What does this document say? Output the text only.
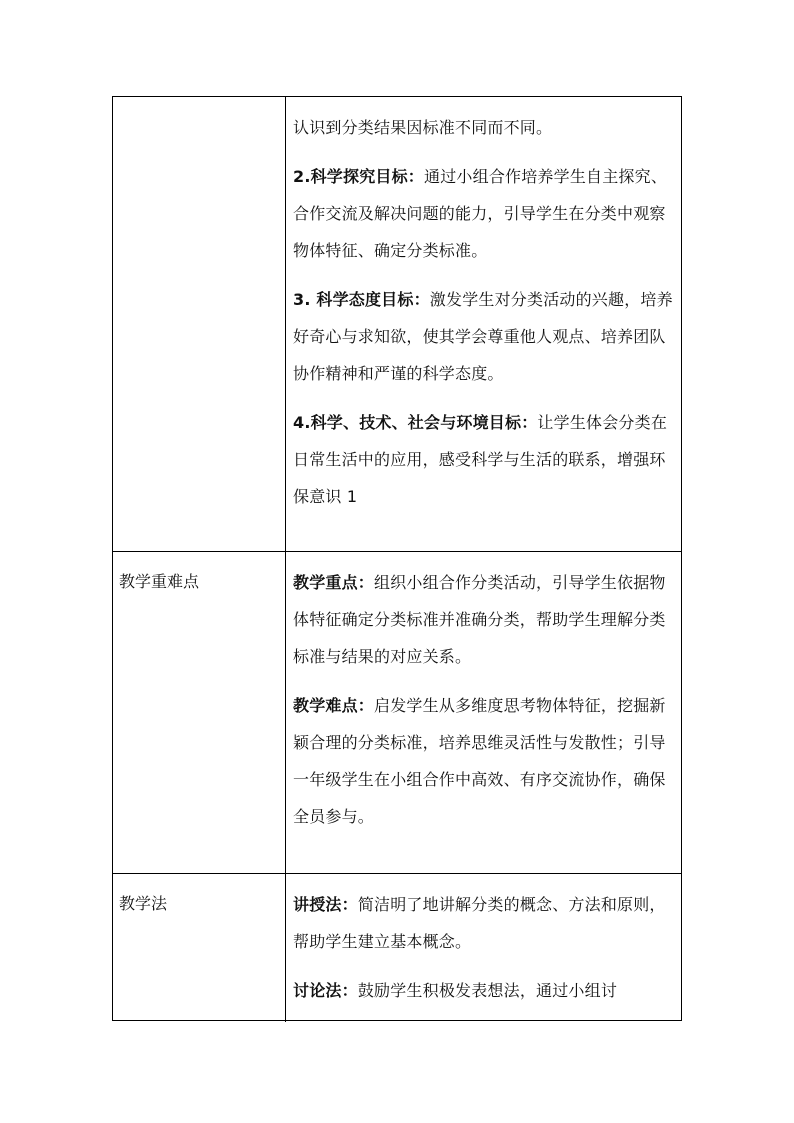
认识到分类结果因标准不同而不同。

2.科学探究目标：通过小组合作培养学生自主探究、合作交流及解决问题的能力，引导学生在分类中观察物体特征、确定分类标准。

3. 科学态度目标：激发学生对分类活动的兴趣，培养好奇心与求知欲，使其学会尊重他人观点、培养团队协作精神和严谨的科学态度。

4.科学、技术、社会与环境目标：让学生体会分类在日常生活中的应用，感受科学与生活的联系，增强环保意识 1

教学重难点	教学重点：组织小组合作分类活动，引导学生依据物体特征确定分类标准并准确分类，帮助学生理解分类标准与结果的对应关系。

教学难点：启发学生从多维度思考物体特征，挖掘新颖合理的分类标准，培养思维灵活性与发散性；引导一年级学生在小组合作中高效、有序交流协作，确保全员参与。

教学法	讲授法：简洁明了地讲解分类的概念、方法和原则，帮助学生建立基本概念。

讨论法：鼓励学生积极发表想法，通过小组讨
